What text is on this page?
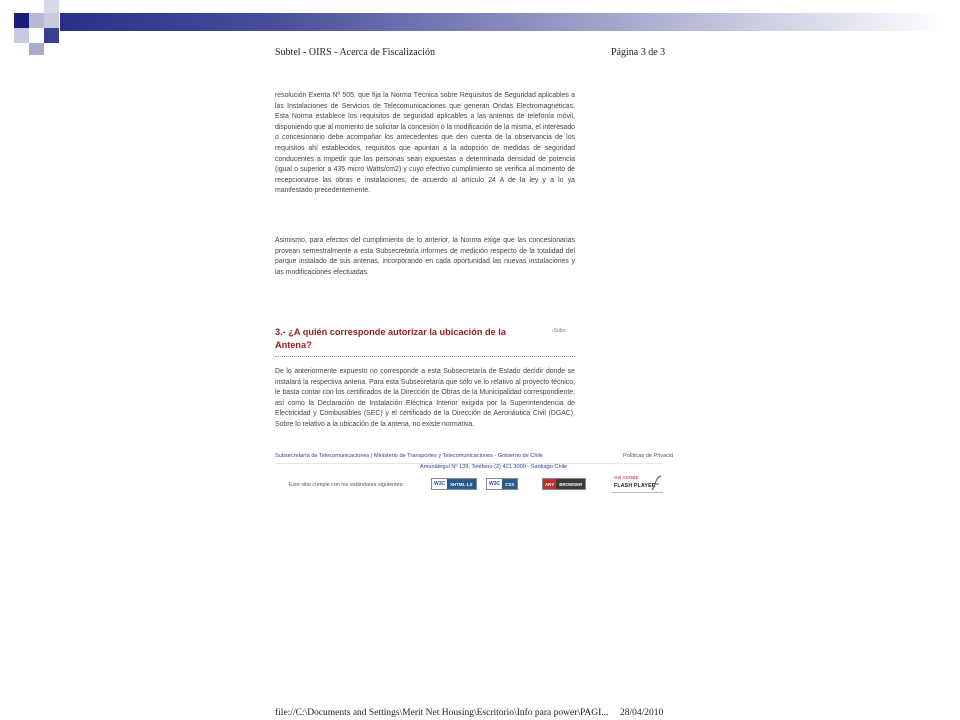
Subtel - OIRS - Acerca de Fiscalización	Página 3 de 3

resolución Exenta Nº 505, que fija la Norma Técnica sobre Requisitos de Seguridad aplicables a las Instalaciones de Servicios de Telecomunicaciones que generan Ondas Electromagnéticas. Esta Norma establece los requisitos de seguridad aplicables a las antenas de telefonía móvil, disponiendo que al momento de solicitar la concesión o la modificación de la misma, el interesado o concesionario debe acompañar los antecedentes que den cuenta de la observancia de los requisitos ahí establecidos, requisitos que apuntan a la adopción de medidas de seguridad conducentes a impedir que las personas sean expuestas a determinada densidad de potencia (igual o superior a 435 micro Watts/cm2) y cuyo efectivo cumplimiento se verifica al momento de recepcionarse las obras e instalaciones, de acuerdo al artículo 24 A de la ley y a lo ya manifestado precedentemente.

Asimismo, para efectos del cumplimiento de lo anterior, la Norma exige que las concesionarias provean semestralmente a esta Subsecretaría informes de medición respecto de la totalidad del parque instalado de sus antenas, incorporando en cada oportunidad las nuevas instalaciones y las modificaciones efectuadas.

3.- ¿A quién corresponde autorizar la ubicación de la Antena?
›Subir

De lo anteriormente expuesto no corresponde a esta Subsecretaría de Estado decidir donde se instalará la respectiva antena. Para esta Subsecretaría que sólo ve lo relativo al proyecto técnico, le basta contar con los certificados de la Dirección de Obras de la Municipalidad correspondiente, así como la Declaración de Instalación Eléctrica Interior exigida por la Superintendencia de Electricidad y Combustibles (SEC) y el certificado de la Dirección de Aeronáutica Civil (DGAC). Sobre lo relativo a la ubicación de la antena, no existe normativa.

Subsecretaría de Telecomunicaciones | Ministerio de Transportes y Telecomunicaciones - Gobierno de Chile	Políticas de Privacid
Amunátegui Nº 139, Teléfono (2) 421 3000 - Santiago Chile
Este sitio cumple con los estándares siguientes:	W3C	XHTML 1.0	W3C	CSS	ANY	BROWSER
Get ADOBE
FLASH PLAYER
file://C:\Documents and Settings\Merit Net Housing\Escritorio\Info para power\PAGI... 28/04/2010
